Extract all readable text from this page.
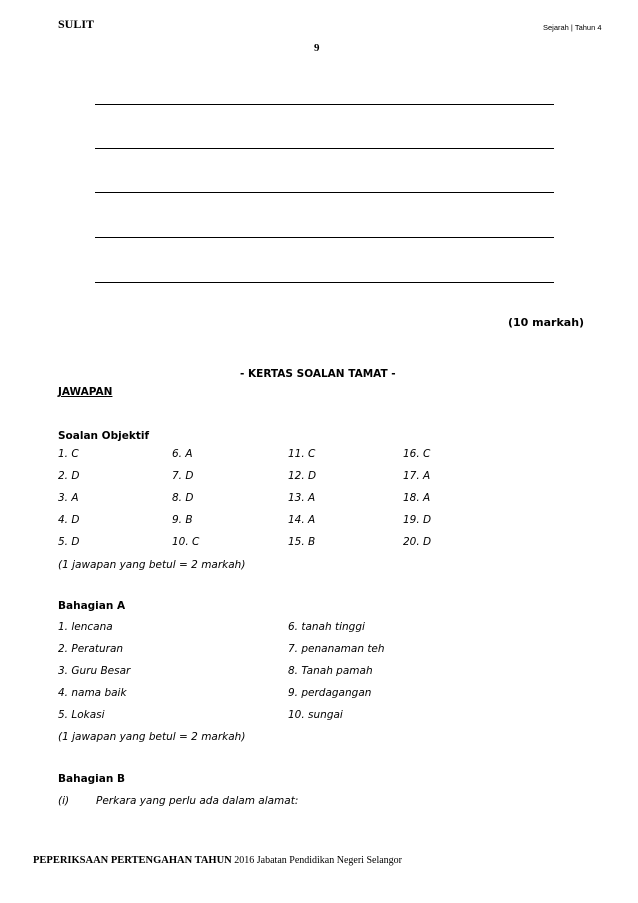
SULIT	Sejarah | Tahun 4
9
(10 markah)
- KERTAS SOALAN TAMAT -
JAWAPAN
Soalan Objektif
1. C
2. D
3. A
4. D
5. D
6. A
7. D
8. D
9. B
10. C
11. C
12. D
13. A
14. A
15. B
16. C
17. A
18. A
19. D
20. D
(1 jawapan yang betul = 2 markah)
Bahagian A
1. lencana
2. Peraturan
3. Guru Besar
4. nama baik
5. Lokasi
6. tanah tinggi
7. penanaman teh
8. Tanah pamah
9. perdagangan
10. sungai
(1 jawapan yang betul = 2 markah)
Bahagian B
(i)	Perkara yang perlu ada dalam alamat:
PEPERIKSAAN PERTENGAHAN TAHUN 2016 Jabatan Pendidikan Negeri Selangor
